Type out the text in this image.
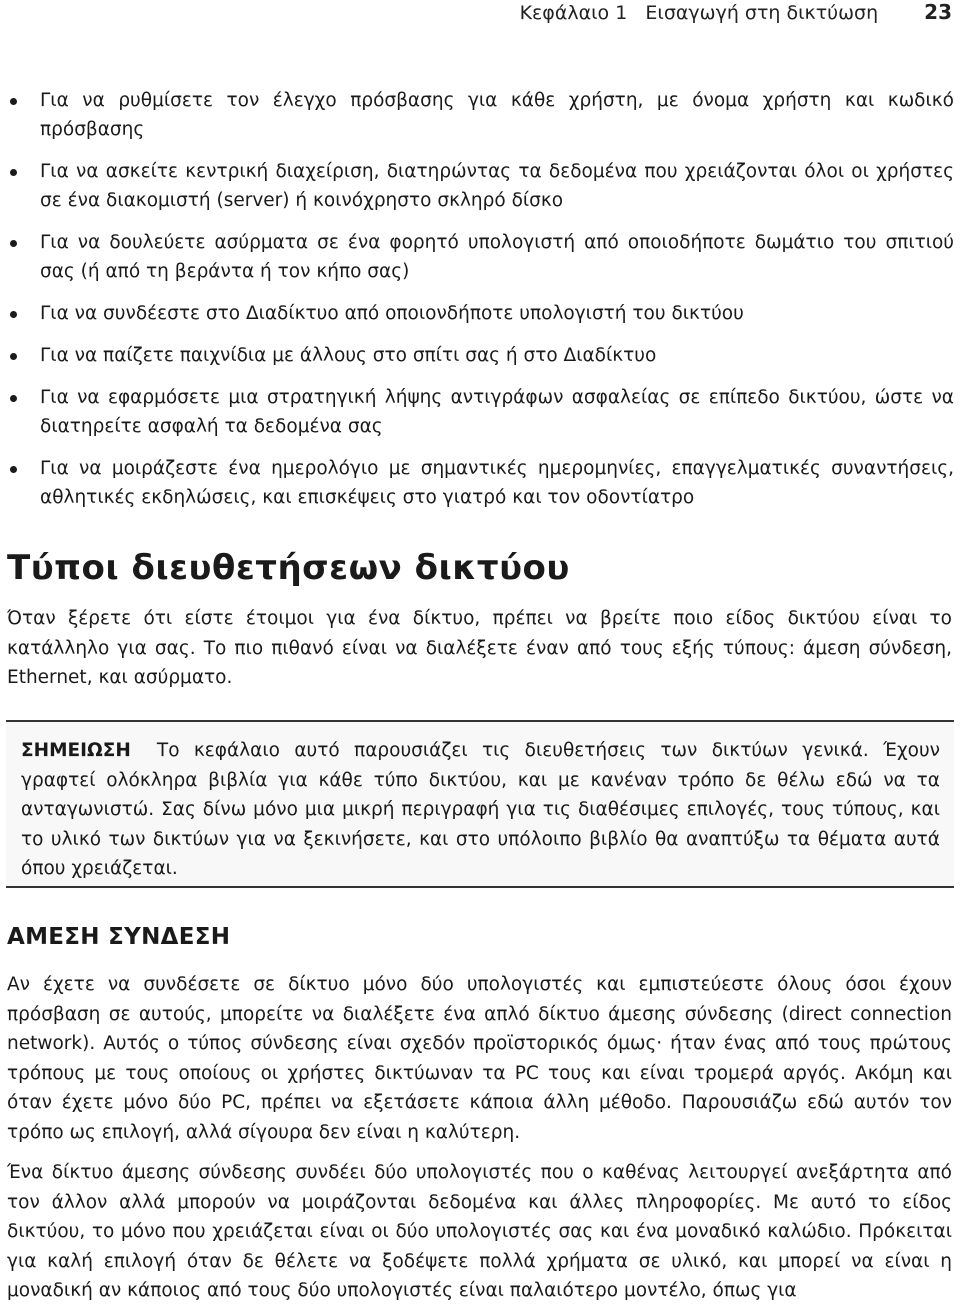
Κεφάλαιο 1   Εισαγωγή στη δικτύωση 23
Για να ρυθμίσετε τον έλεγχο πρόσβασης για κάθε χρήστη, με όνομα χρήστη και κωδικό πρόσβασης
Για να ασκείτε κεντρική διαχείριση, διατηρώντας τα δεδομένα που χρειάζονται όλοι οι χρήστες σε ένα διακομιστή (server) ή κοινόχρηστο σκληρό δίσκο
Για να δουλεύετε ασύρματα σε ένα φορητό υπολογιστή από οποιοδήποτε δωμάτιο του σπιτιού σας (ή από τη βεράντα ή τον κήπο σας)
Για να συνδέεστε στο Διαδίκτυο από οποιονδήποτε υπολογιστή του δικτύου
Για να παίζετε παιχνίδια με άλλους στο σπίτι σας ή στο Διαδίκτυο
Για να εφαρμόσετε μια στρατηγική λήψης αντιγράφων ασφαλείας σε επίπεδο δικτύου, ώστε να διατηρείτε ασφαλή τα δεδομένα σας
Για να μοιράζεστε ένα ημερολόγιο με σημαντικές ημερομηνίες, επαγγελματικές συναντήσεις, αθλητικές εκδηλώσεις, και επισκέψεις στο γιατρό και τον οδοντίατρο
Τύποι διευθετήσεων δικτύου

Όταν ξέρετε ότι είστε έτοιμοι για ένα δίκτυο, πρέπει να βρείτε ποιο είδος δικτύου είναι το κατάλληλο για σας. Το πιο πιθανό είναι να διαλέξετε έναν από τους εξής τύπους: άμεση σύνδεση, Ethernet, και ασύρματο.

ΣΗΜΕΙΩΣΗ Το κεφάλαιο αυτό παρουσιάζει τις διευθετήσεις των δικτύων γενικά. Έχουν γραφτεί ολόκληρα βιβλία για κάθε τύπο δικτύου, και με κανέναν τρόπο δε θέλω εδώ να τα ανταγωνιστώ. Σας δίνω μόνο μια μικρή περιγραφή για τις διαθέσιμες επιλογές, τους τύπους, και το υλικό των δικτύων για να ξεκινήσετε, και στο υπόλοιπο βιβλίο θα αναπτύξω τα θέματα αυτά όπου χρειάζεται.

ΑΜΕΣΗ ΣΥΝΔΕΣΗ

Αν έχετε να συνδέσετε σε δίκτυο μόνο δύο υπολογιστές και εμπιστεύεστε όλους όσοι έχουν πρόσβαση σε αυτούς, μπορείτε να διαλέξετε ένα απλό δίκτυο άμεσης σύνδεσης (direct connection network). Αυτός ο τύπος σύνδεσης είναι σχεδόν προϊστορικός όμως· ήταν ένας από τους πρώτους τρόπους με τους οποίους οι χρήστες δικτύωναν τα PC τους και είναι τρομερά αργός. Ακόμη και όταν έχετε μόνο δύο PC, πρέπει να εξετάσετε κάποια άλλη μέθοδο. Παρουσιάζω εδώ αυτόν τον τρόπο ως επιλογή, αλλά σίγουρα δεν είναι η καλύτερη.

Ένα δίκτυο άμεσης σύνδεσης συνδέει δύο υπολογιστές που ο καθένας λειτουργεί ανεξάρτητα από τον άλλον αλλά μπορούν να μοιράζονται δεδομένα και άλλες πληροφορίες. Με αυτό το είδος δικτύου, το μόνο που χρειάζεται είναι οι δύο υπολογιστές σας και ένα μοναδικό καλώδιο. Πρόκειται για καλή επιλογή όταν δε θέλετε να ξοδέψετε πολλά χρήματα σε υλικό, και μπορεί να είναι η μοναδική αν κάποιος από τους δύο υπολογιστές είναι παλαιότερο μοντέλο, όπως για
